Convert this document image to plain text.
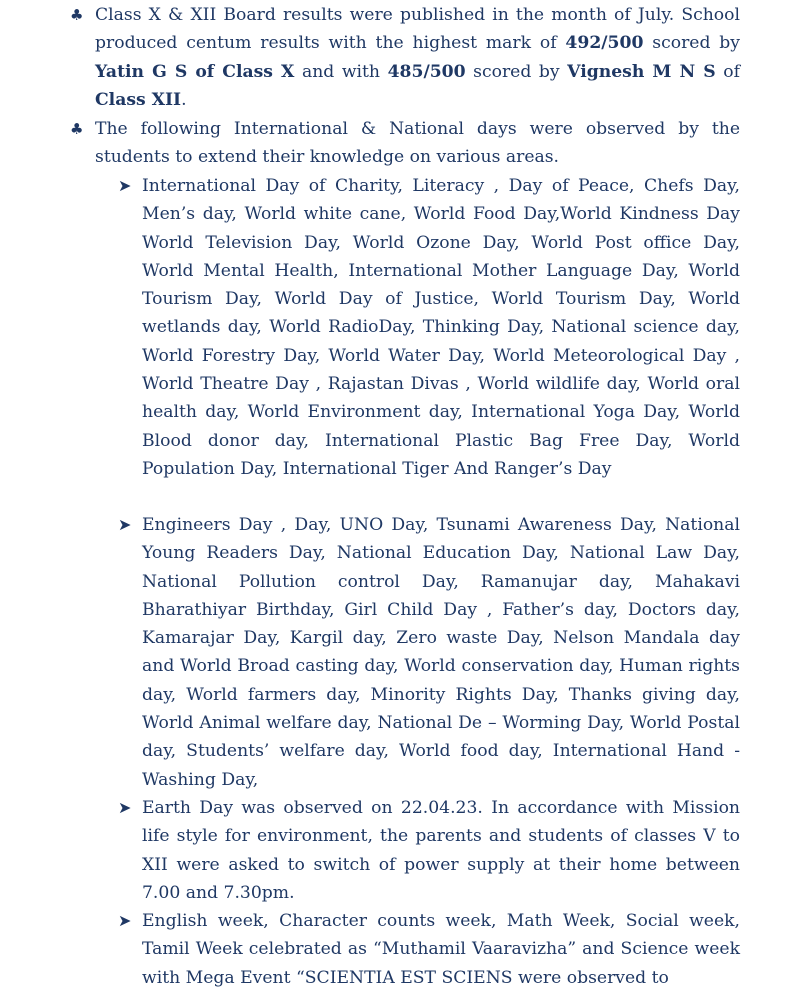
♣ Class X & XII Board results were published in the month of July. School produced centum results with the highest mark of 492/500 scored by Yatin G S of Class X and with 485/500 scored by Vignesh M N S of Class XII.
♣ The following International & National days were observed by the students to extend their knowledge on various areas.
➤ International Day of Charity, Literacy , Day of Peace, Chefs Day, Men’s day, World white cane, World Food Day,World Kindness Day World Television Day, World Ozone Day, World Post office Day, World Mental Health, International Mother Language Day, World Tourism Day, World Day of Justice, World Tourism Day, World wetlands day, World RadioDay, Thinking Day, National science day, World Forestry Day, World Water Day, World Meteorological Day , World Theatre Day , Rajastan Divas , World wildlife day, World oral health day, World Environment day, International Yoga Day, World Blood donor day, International Plastic Bag Free Day, World Population Day, International Tiger And Ranger’s Day
➤ Engineers Day , Day, UNO Day, Tsunami Awareness Day, National Young Readers Day, National Education Day, National Law Day, National Pollution control Day, Ramanujar day, Mahakavi Bharathiyar Birthday, Girl Child Day , Father’s day, Doctors day, Kamarajar Day, Kargil day, Zero waste Day, Nelson Mandala day and World Broad casting day, World conservation day, Human rights day, World farmers day, Minority Rights Day, Thanks giving day, World Animal welfare day, National De – Worming Day, World Postal day, Students’ welfare day, World food day, International Hand - Washing Day,
➤ Earth Day was observed on 22.04.23. In accordance with Mission life style for environment, the parents and students of classes V to XII were asked to switch of power supply at their home between 7.00 and 7.30pm.
➤ English week, Character counts week, Math Week, Social week, Tamil Week celebrated as “Muthamil Vaaravizha” and Science week with Mega Event “SCIENTIA EST SCIENS were observed to
